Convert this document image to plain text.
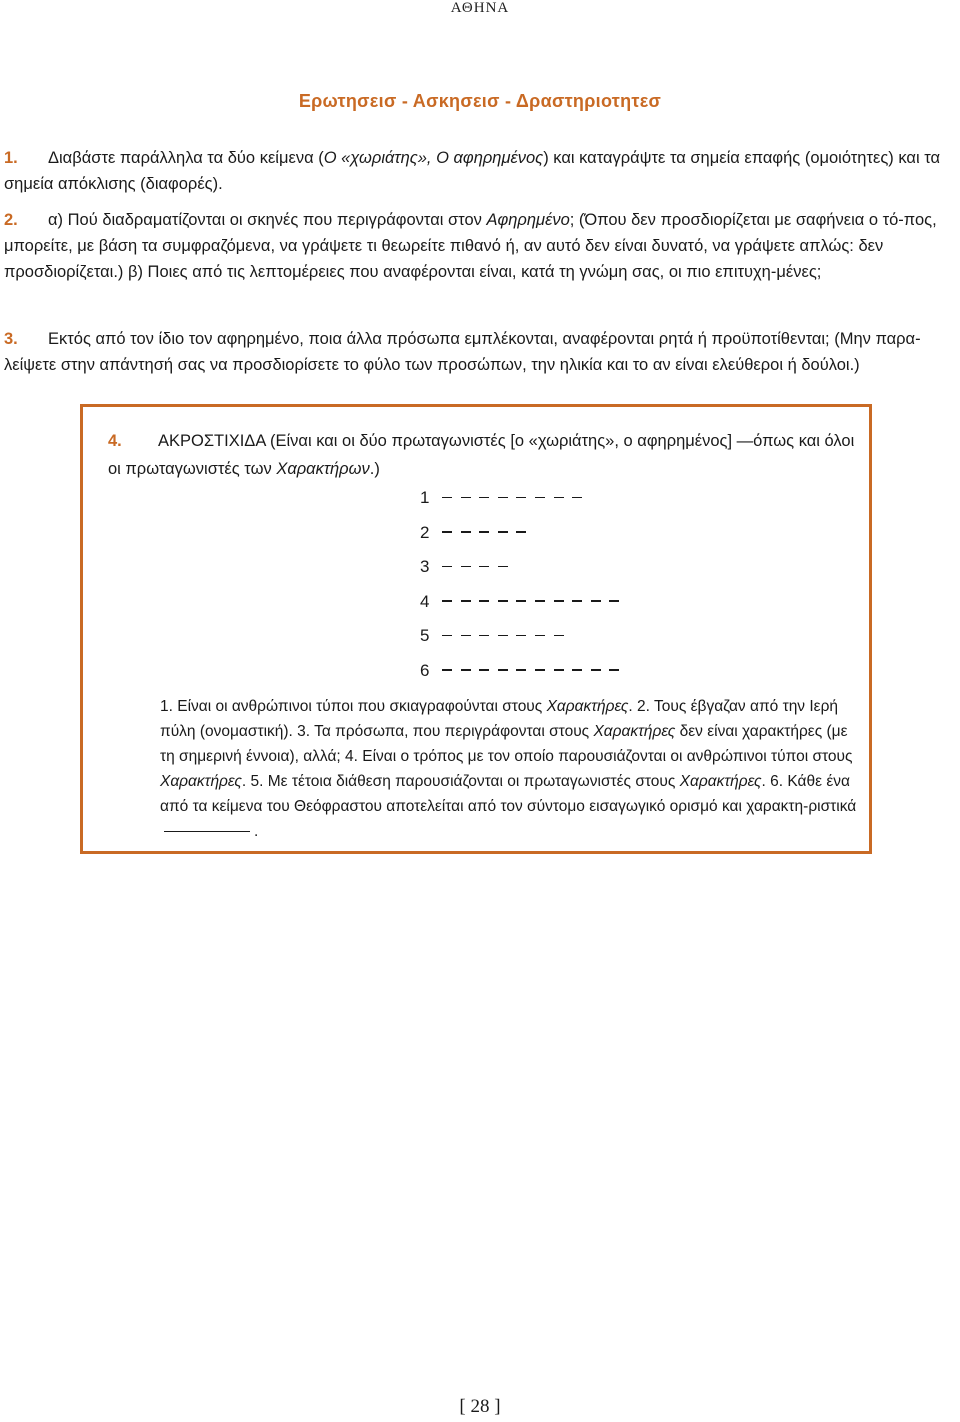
ΑΘΗΝΑ
Ερωτησεισ - Ασκησεισ - Δραστηριοτητεσ
1. Διαβάστε παράλληλα τα δύο κείμενα (Ο «χωριάτης», Ο αφηρημένος) και καταγράψτε τα σημεία επαφής (ομοιότητες) και τα σημεία απόκλισης (διαφορές).
2. α) Πού διαδραματίζονται οι σκηνές που περιγράφονται στον Αφηρημένο; (Όπου δεν προσδιορίζεται με σαφήνεια ο τό-πος, μπορείτε, με βάση τα συμφραζόμενα, να γράψετε τι θεωρείτε πιθανό ή, αν αυτό δεν είναι δυνατό, να γράψετε απλώς: δεν προσδιορίζεται.) β) Ποιες από τις λεπτομέρειες που αναφέρονται είναι, κατά τη γνώμη σας, οι πιο επιτυχη-μένες;
3. Εκτός από τον ίδιο τον αφηρημένο, ποια άλλα πρόσωπα εμπλέκονται, αναφέρονται ρητά ή προϋποτίθενται; (Μην παρα-λείψετε στην απάντησή σας να προσδιορίσετε το φύλο των προσώπων, την ηλικία και το αν είναι ελεύθεροι ή δούλοι.)
4. ΑΚΡΟΣΤΙΧΙΔΑ (Είναι και οι δύο πρωταγωνιστές [ο «χωριάτης», ο αφηρημένος] —όπως και όλοι οι πρωταγωνιστές των Χαρακτήρων.)
1
2
3
4
5
6
1. Είναι οι ανθρώπινοι τύποι που σκιαγραφούνται στους Χαρακτήρες. 2. Τους έβγαζαν από την Ιερή πύλη (ονομαστική). 3. Τα πρόσωπα, που περιγράφονται στους Χαρακτήρες δεν είναι χαρακτήρες (με τη σημερινή έννοια), αλλά; 4. Είναι ο τρόπος με τον οποίο παρουσιάζονται οι ανθρώπινοι τύποι στους Χαρακτήρες. 5. Με τέτοια διάθεση παρουσιάζονται οι πρωταγωνιστές στους Χαρακτήρες. 6. Κάθε ένα από τα κείμενα του Θεόφραστου αποτελείται από τον σύντομο εισαγωγικό ορισμό και χαρακτη-ριστικά.
[ 28 ]
